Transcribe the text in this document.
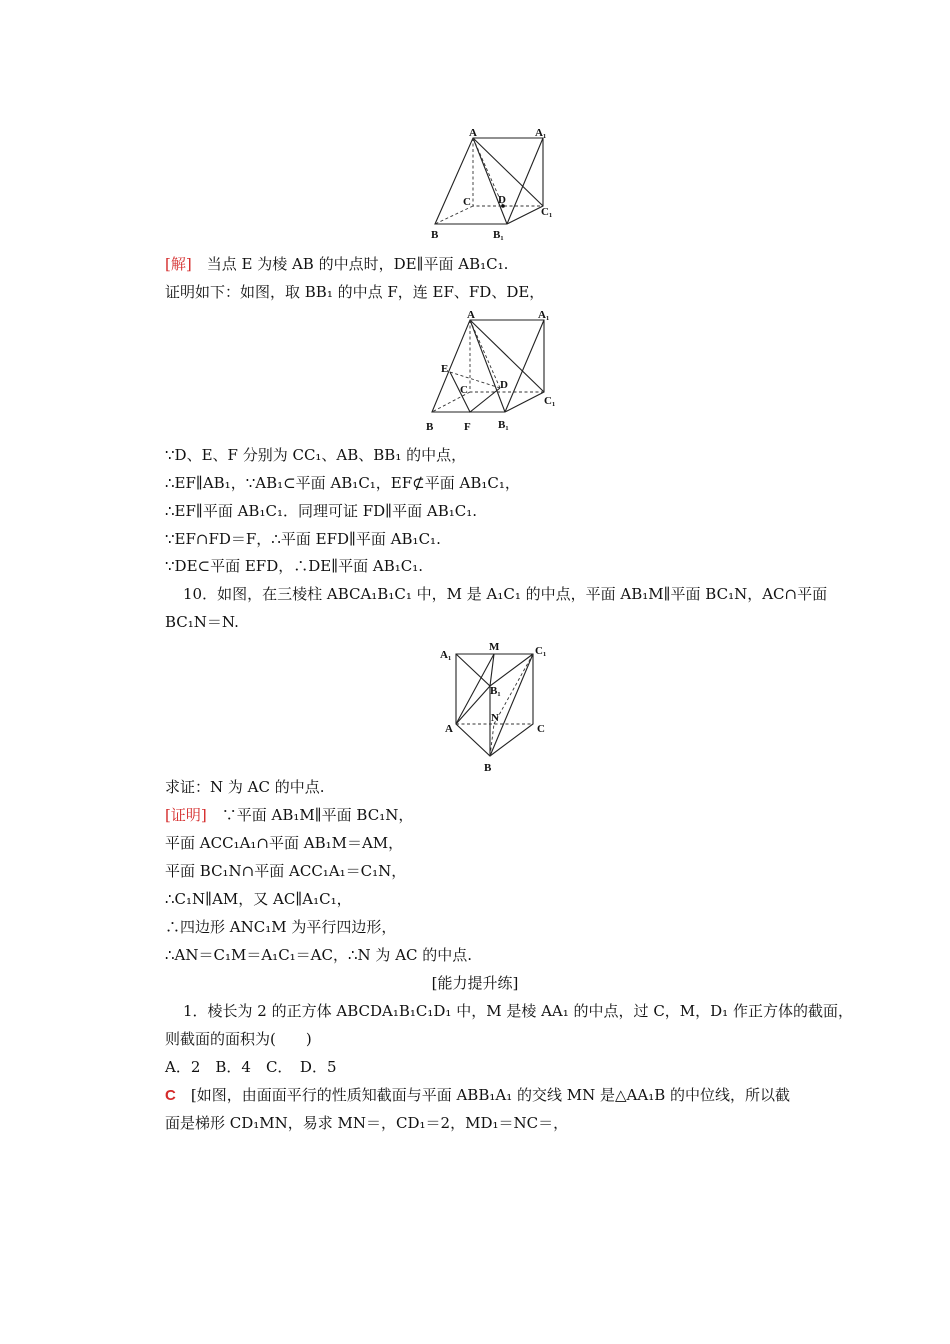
A	A₁
C D
C₁
B	B₁
A	A₁
E
C	D
C₁
B	F B₁
A₁
M	C₁
B₁
N
A	C
B
[解]　当点 E 为棱 AB 的中点时，DE∥平面 AB₁C₁.
证明如下：如图，取 BB₁ 的中点 F，连 EF、FD、DE，
∵D、E、F 分别为 CC₁、AB、BB₁ 的中点，
∴EF∥AB₁，∵AB₁⊂平面 AB₁C₁，EF⊄平面 AB₁C₁，
∴EF∥平面 AB₁C₁．同理可证 FD∥平面 AB₁C₁.
∵EF∩FD＝F，∴平面 EFD∥平面 AB₁C₁.
∵DE⊂平面 EFD，∴DE∥平面 AB₁C₁.
10．如图，在三棱柱 ABCA₁B₁C₁ 中，M 是 A₁C₁ 的中点，平面 AB₁M∥平面 BC₁N，AC∩平面
BC₁N＝N.
求证：N 为 AC 的中点.
[证明]　∵平面 AB₁M∥平面 BC₁N，
平面 ACC₁A₁∩平面 AB₁M＝AM，
平面 BC₁N∩平面 ACC₁A₁＝C₁N，
∴C₁N∥AM，又 AC∥A₁C₁，
∴四边形 ANC₁M 为平行四边形，
∴AN＝C₁M＝A₁C₁＝AC，∴N 为 AC 的中点.
[能力提升练]
1．棱长为 2 的正方体 ABCDA₁B₁C₁D₁ 中，M 是棱 AA₁ 的中点，过 C，M，D₁ 作正方体的截面，
则截面的面积为(　　)
A．2　B．4　C．　D．5
C　[如图，由面面平行的性质知截面与平面 ABB₁A₁ 的交线 MN 是△AA₁B 的中位线，所以截
面是梯形 CD₁MN，易求 MN＝，CD₁＝2，MD₁＝NC＝，
